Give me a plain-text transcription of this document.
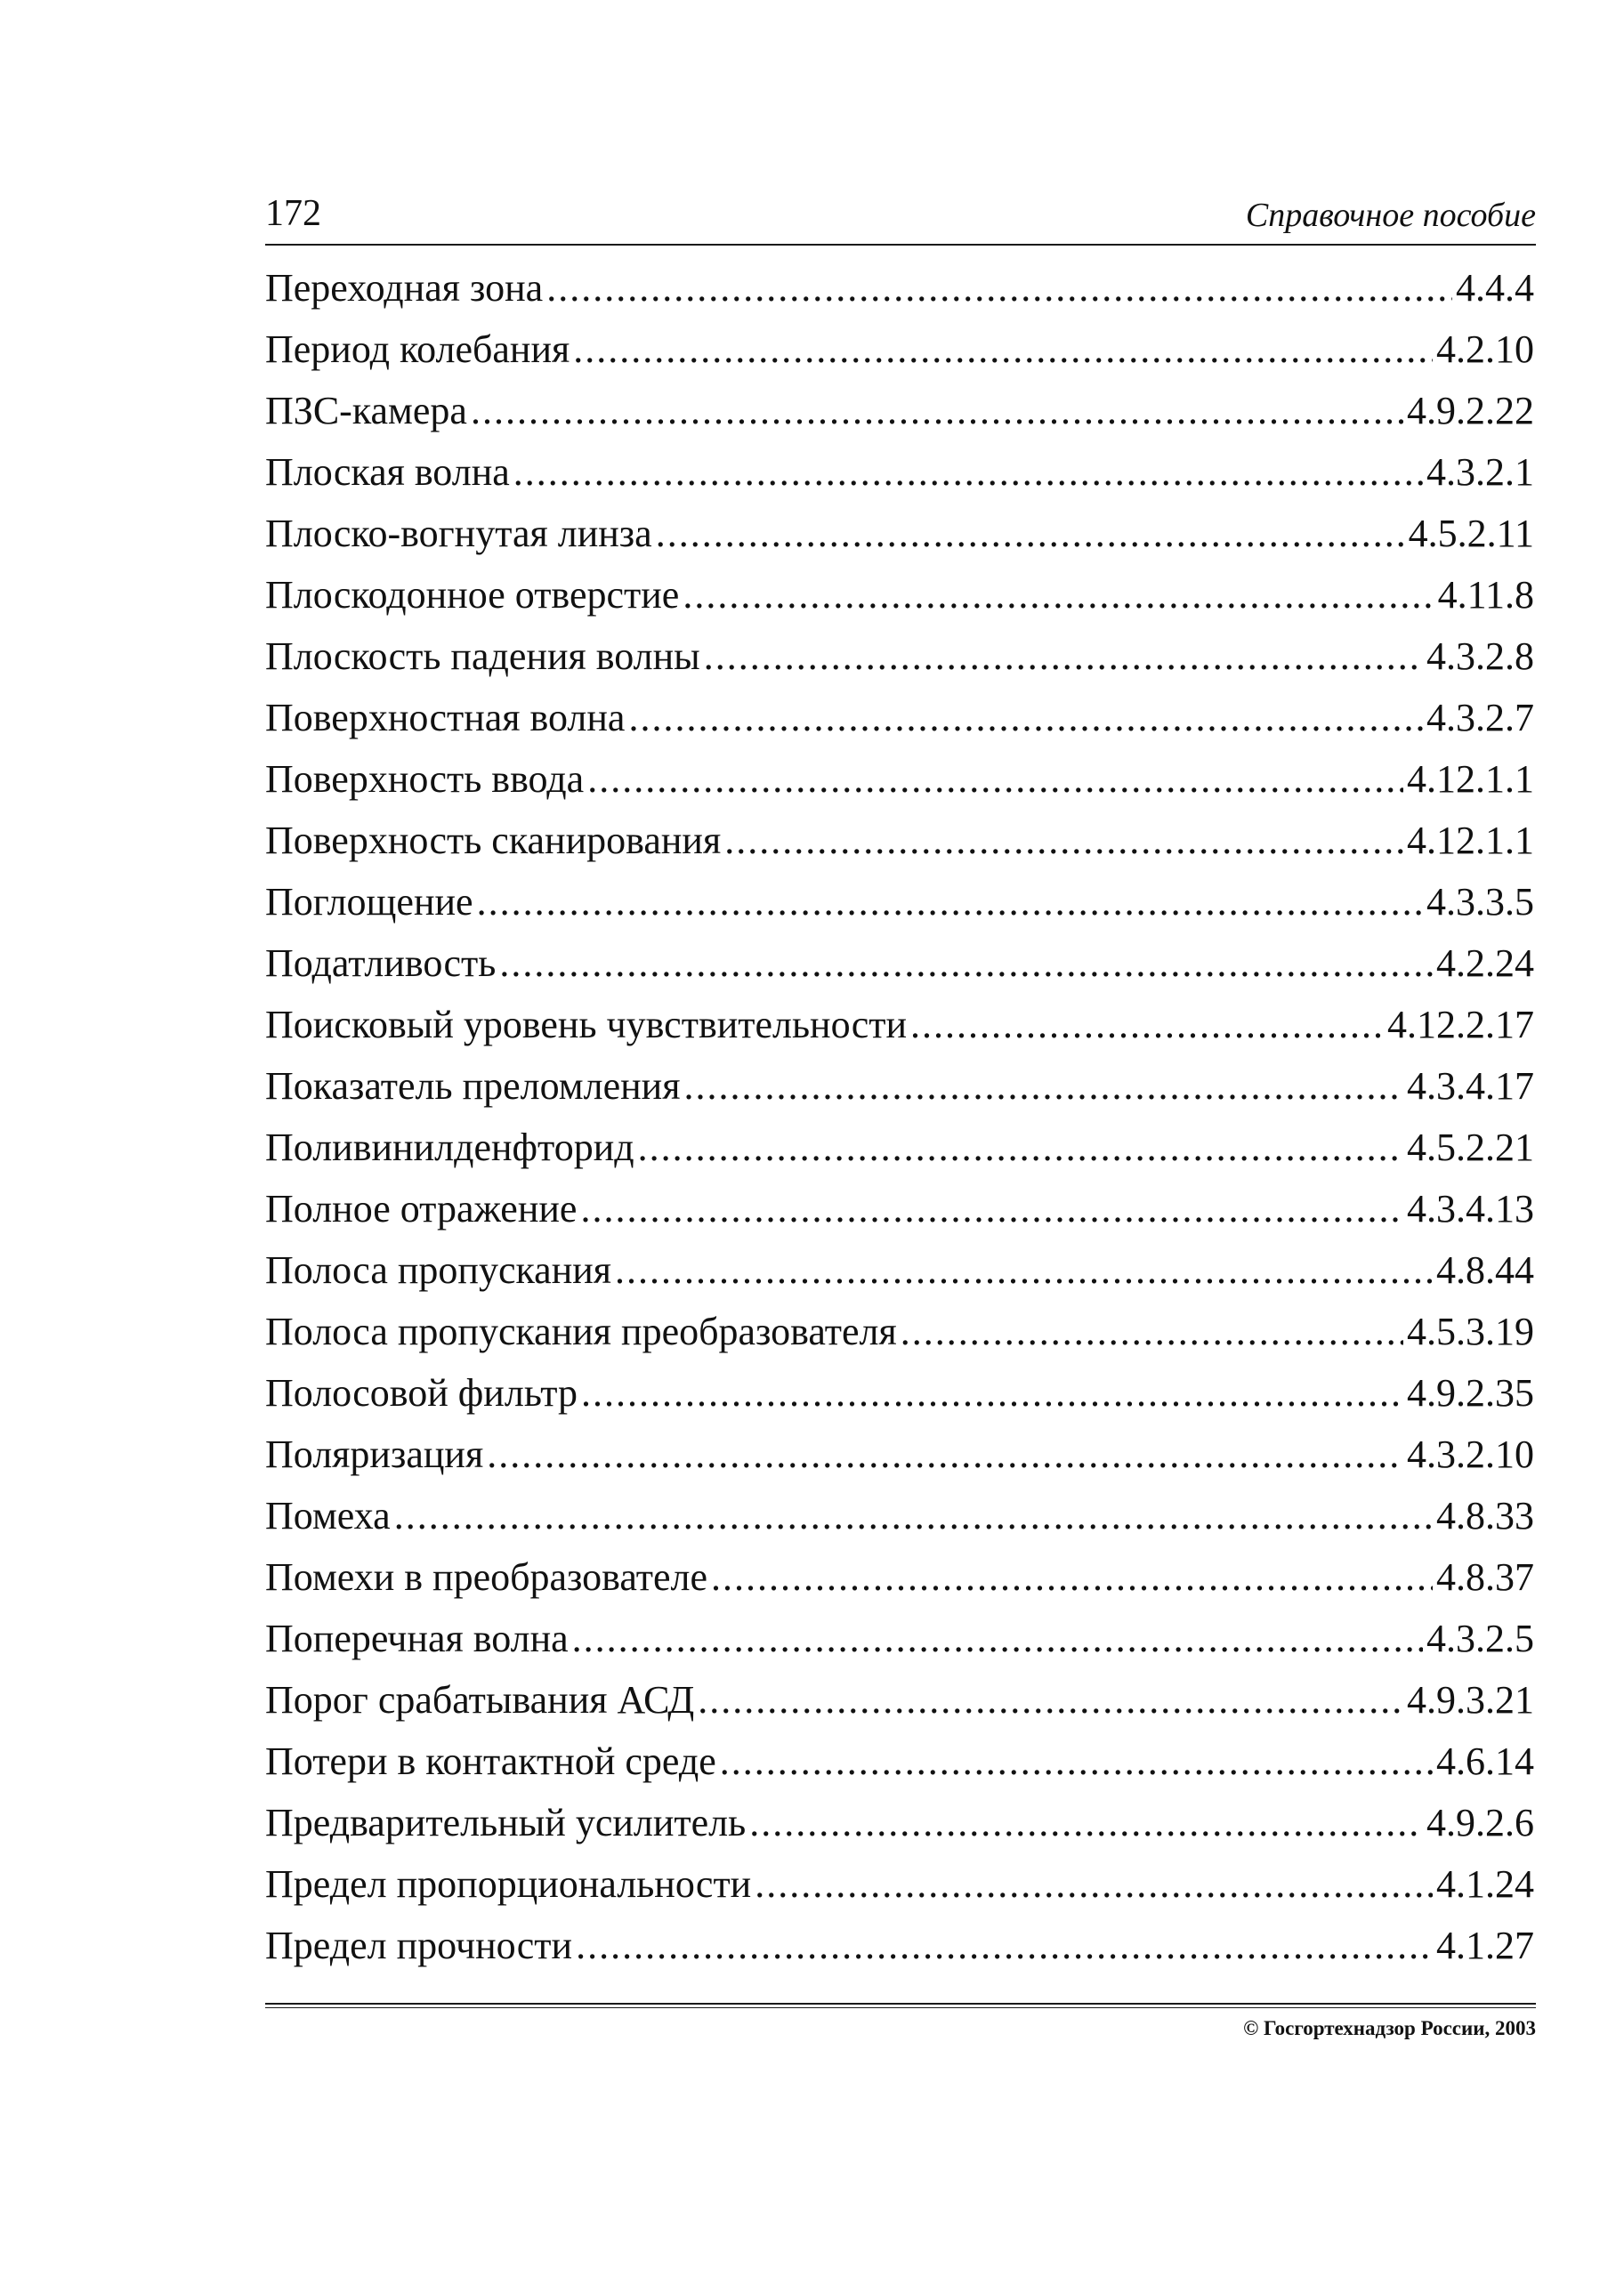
172	Справочное пособие
Переходная зона .....	4.4.4
Период колебания .....	4.2.10
ПЗС-камера .....	4.9.2.22
Плоская волна .....	4.3.2.1
Плоско-вогнутая линза .....	4.5.2.11
Плоскодонное отверстие .....	4.11.8
Плоскость падения волны .....	4.3.2.8
Поверхностная волна .....	4.3.2.7
Поверхность ввода .....	4.12.1.1
Поверхность сканирования .....	4.12.1.1
Поглощение .....	4.3.3.5
Податливость .....	4.2.24
Поисковый уровень чувствительности .....	4.12.2.17
Показатель преломления .....	4.3.4.17
Поливинилденфторид .....	4.5.2.21
Полное отражение .....	4.3.4.13
Полоса пропускания .....	4.8.44
Полоса пропускания преобразователя .....	4.5.3.19
Полосовой фильтр .....	4.9.2.35
Поляризация .....	4.3.2.10
Помеха .....	4.8.33
Помехи в преобразователе .....	4.8.37
Поперечная волна .....	4.3.2.5
Порог срабатывания АСД .....	4.9.3.21
Потери в контактной среде .....	4.6.14
Предварительный усилитель .....	4.9.2.6
Предел пропорциональности .....	4.1.24
Предел прочности .....	4.1.27
© Госгортехнадзор России, 2003
